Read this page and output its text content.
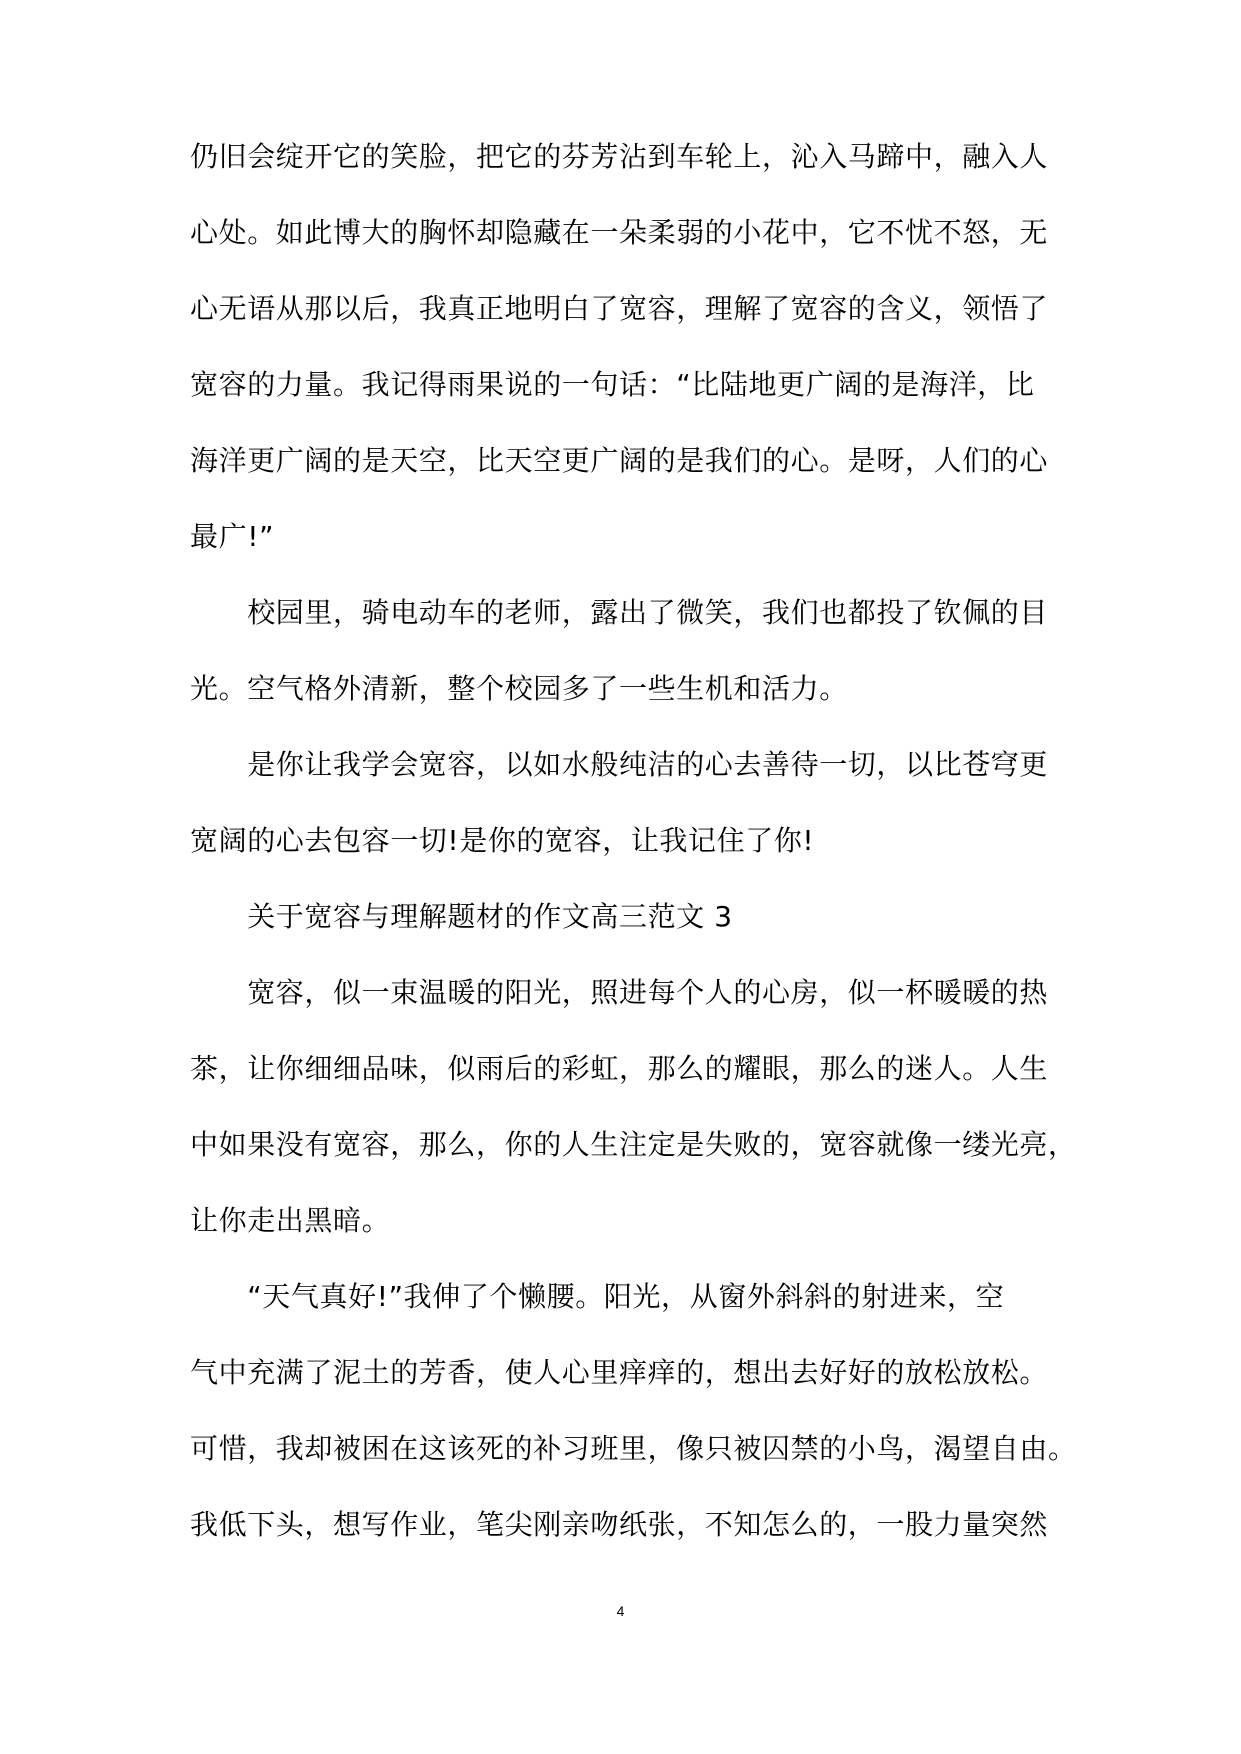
仍旧会绽开它的笑脸，把它的芬芳沾到车轮上，沁入马蹄中，融入人
心处。如此博大的胸怀却隐藏在一朵柔弱的小花中，它不忧不怒，无
心无语从那以后，我真正地明白了宽容，理解了宽容的含义，领悟了
宽容的力量。我记得雨果说的一句话：“比陆地更广阔的是海洋，比
海洋更广阔的是天空，比天空更广阔的是我们的心。是呀，人们的心
最广!”
　　校园里，骑电动车的老师，露出了微笑，我们也都投了钦佩的目
光。空气格外清新，整个校园多了一些生机和活力。
　　是你让我学会宽容，以如水般纯洁的心去善待一切，以比苍穹更
宽阔的心去包容一切!是你的宽容，让我记住了你!
　　关于宽容与理解题材的作文高三范文 3
　　宽容，似一束温暖的阳光，照进每个人的心房，似一杯暖暖的热
茶，让你细细品味，似雨后的彩虹，那么的耀眼，那么的迷人。人生
中如果没有宽容，那么，你的人生注定是失败的，宽容就像一缕光亮，
让你走出黑暗。
　　“天气真好!”我伸了个懒腰。阳光，从窗外斜斜的射进来，空
气中充满了泥土的芳香，使人心里痒痒的，想出去好好的放松放松。
可惜，我却被困在这该死的补习班里，像只被囚禁的小鸟，渴望自由。
我低下头，想写作业，笔尖刚亲吻纸张，不知怎么的，一股力量突然
4
